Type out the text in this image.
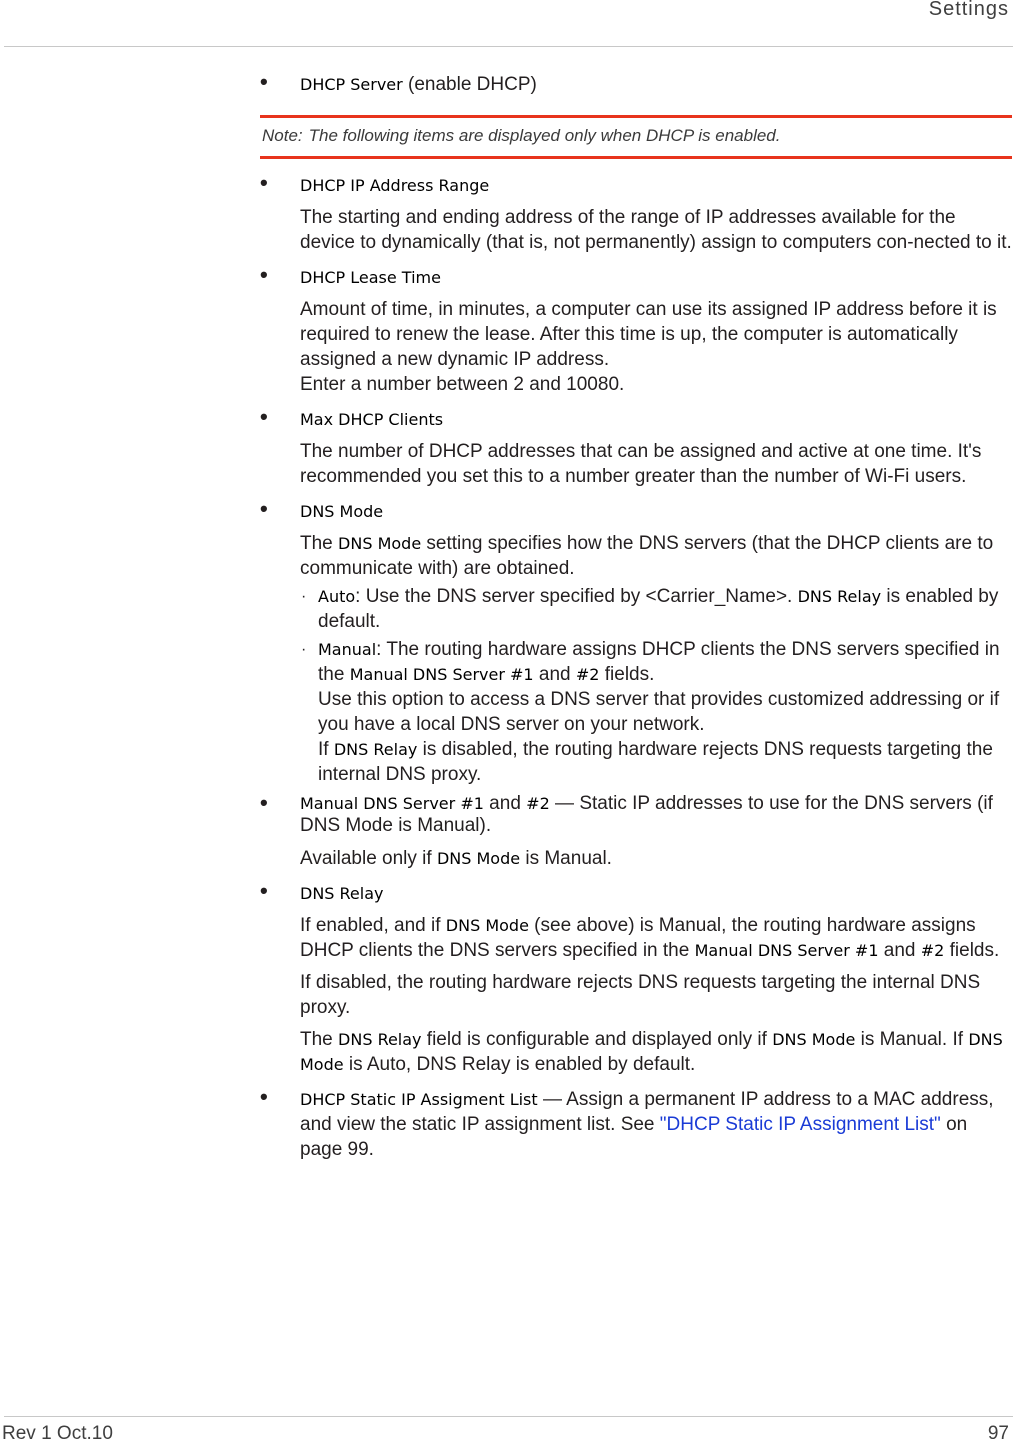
Settings
• DHCP Server (enable DHCP)
Note: The following items are displayed only when DHCP is enabled.
• DHCP IP Address Range
The starting and ending address of the range of IP addresses available for the device to dynamically (that is, not permanently) assign to computers con-nected to it.
• DHCP Lease Time
Amount of time, in minutes, a computer can use its assigned IP address before it is required to renew the lease. After this time is up, the computer is automatically assigned a new dynamic IP address.
Enter a number between 2 and 10080.
• Max DHCP Clients
The number of DHCP addresses that can be assigned and active at one time. It's recommended you set this to a number greater than the number of Wi-Fi users.
• DNS Mode
The DNS Mode setting specifies how the DNS servers (that the DHCP clients are to communicate with) are obtained.
· Auto: Use the DNS server specified by <Carrier_Name>. DNS Relay is enabled by default.
· Manual: The routing hardware assigns DHCP clients the DNS servers specified in the Manual DNS Server #1 and #2 fields.
Use this option to access a DNS server that provides customized addressing or if you have a local DNS server on your network.
If DNS Relay is disabled, the routing hardware rejects DNS requests targeting the internal DNS proxy.
• Manual DNS Server #1 and #2 — Static IP addresses to use for the DNS servers (if DNS Mode is Manual).
Available only if DNS Mode is Manual.
• DNS Relay
If enabled, and if DNS Mode (see above) is Manual, the routing hardware assigns DHCP clients the DNS servers specified in the Manual DNS Server #1 and #2 fields.
If disabled, the routing hardware rejects DNS requests targeting the internal DNS proxy.
The DNS Relay field is configurable and displayed only if DNS Mode is Manual. If DNS Mode is Auto, DNS Relay is enabled by default.
• DHCP Static IP Assigment List — Assign a permanent IP address to a MAC address, and view the static IP assignment list. See "DHCP Static IP Assignment List" on page 99.
Rev 1 Oct.10	97
